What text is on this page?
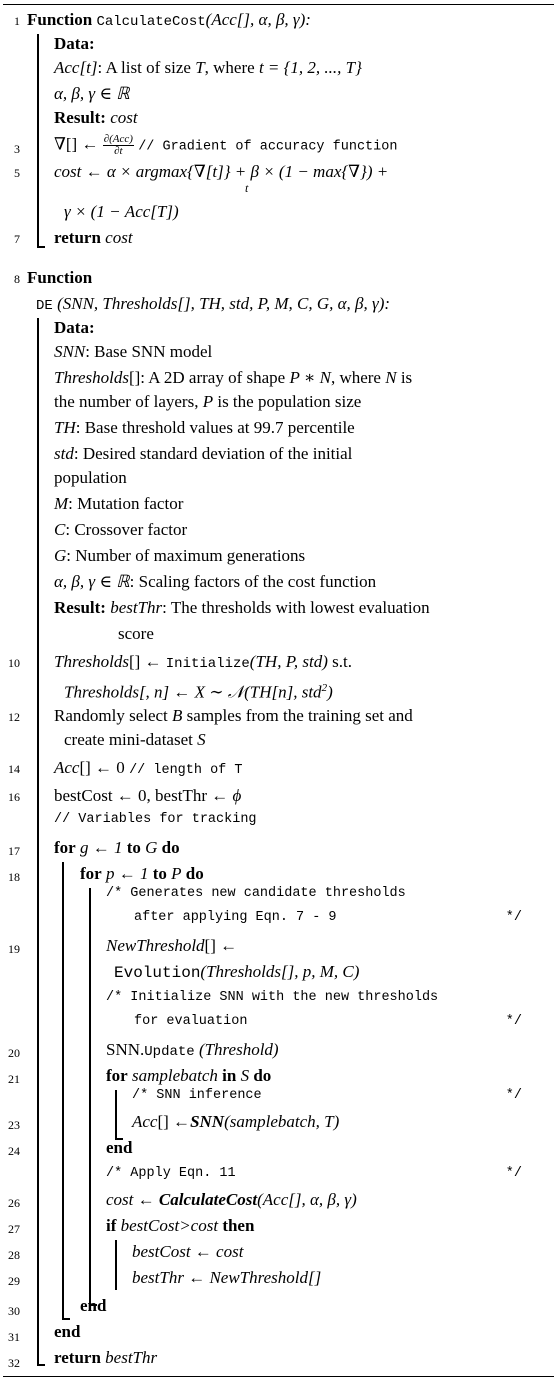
1 Function CalculateCost(Acc[], α, β, γ):
Data:
Acc[t]: A list of size T, where t = {1, 2, ..., T}
α, β, γ ∈ ℝ
Result: cost
3 ∇[] ← $\frac{\text{∂(Acc)}}{\partial t}$ // Gradient of accuracy function
5 cost ← α × argmax{∇[t]} + β × (1 − max{∇}) +
t
γ × (1 − Acc[T])
7 return cost
8 Function
DE (SNN, Thresholds[], TH, std, P, M, C, G, α, β, γ):
Data:
SNN: Base SNN model
Thresholds[]: A 2D array of shape P ∗ N, where N is
the number of layers, P is the population size
TH: Base threshold values at 99.7 percentile
std: Desired standard deviation of the initial
population
M: Mutation factor
C: Crossover factor
G: Number of maximum generations
α, β, γ ∈ ℝ: Scaling factors of the cost function
Result: bestThr: The thresholds with lowest evaluation
score
10 Thresholds[] ← Initialize(TH, P, std) s.t.
Thresholds[, n] ← X ∼ 𝒩(TH[n], std$^2$)
12 Randomly select B samples from the training set and
create mini-dataset S
14 Acc[] ← 0 // length of T
16 bestCost ← 0, bestThr ← ϕ
// Variables for tracking
17 for g ← 1 to G do
18	for p ← 1 to P do
/* Generates new candidate thresholds
after applying Eqn. 7 - 9	*/
19	NewThreshold[] ←
Evolution(Thresholds[], p, M, C)
/* Initialize SNN with the new thresholds
for evaluation	*/
20	SNN.Update (Threshold)
21	for samplebatch in S do
/* SNN inference	*/
23	Acc[] ←SNN(samplebatch, T)
24	end
/* Apply Eqn. 11	*/
26	cost ← CalculateCost(Acc[], α, β, γ)
27	if bestCost>cost then
28	bestCost ← cost
29	bestThr ← NewThreshold[]
30	end
31 end
32 return bestThr
